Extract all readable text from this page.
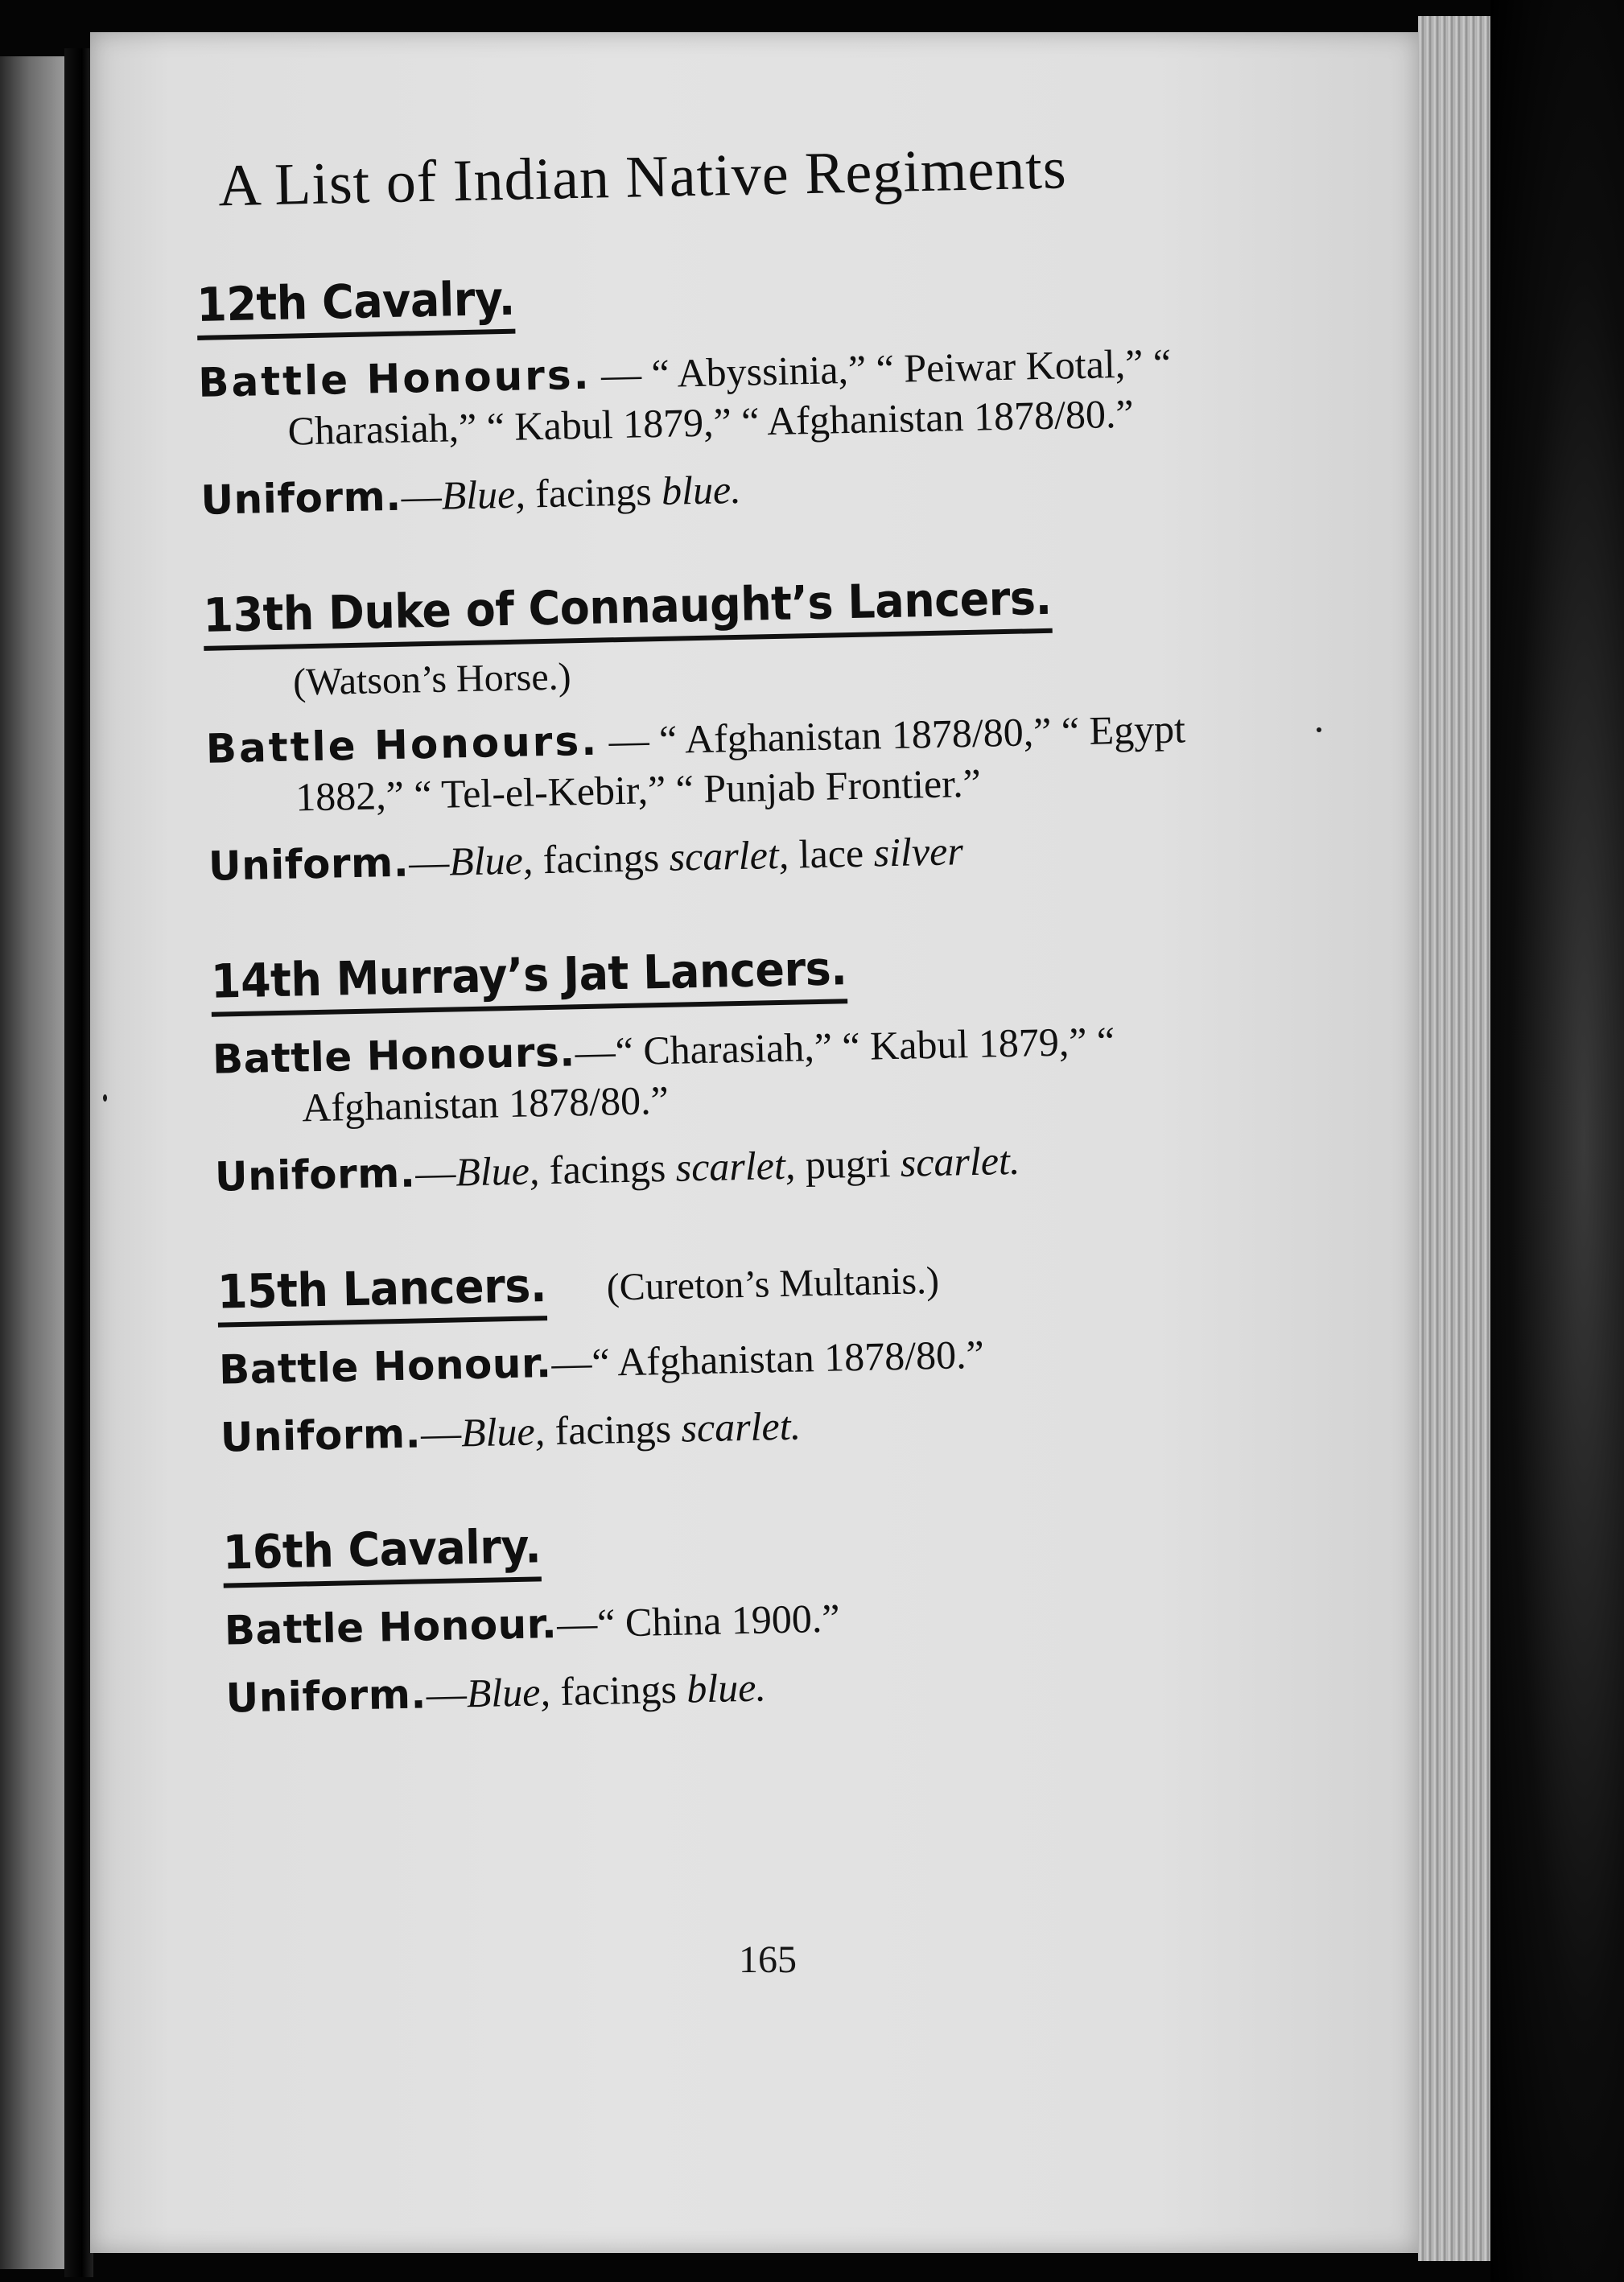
A List of Indian Native Regiments
12th Cavalry.
Battle Honours. — “ Abyssinia,” “ Peiwar Kotal,” “ Charasiah,” “ Kabul 1879,” “ Afghanistan 1878/80.”
Uniform.—Blue, facings blue.
13th Duke of Connaught’s Lancers.
(Watson’s Horse.)
Battle Honours. — “ Afghanistan 1878/80,” “ Egypt 1882,” “ Tel-el-Kebir,” “ Punjab Frontier.”
Uniform.—Blue, facings scarlet, lace silver
14th Murray’s Jat Lancers.
Battle Honours.—“ Charasiah,” “ Kabul 1879,” “ Afghanistan 1878/80.”
Uniform.—Blue, facings scarlet, pugri scarlet.
15th Lancers. (Cureton’s Multanis.)
Battle Honour.—“ Afghanistan 1878/80.”
Uniform.—Blue, facings scarlet.
16th Cavalry.
Battle Honour.—“ China 1900.”
Uniform.—Blue, facings blue.
165
